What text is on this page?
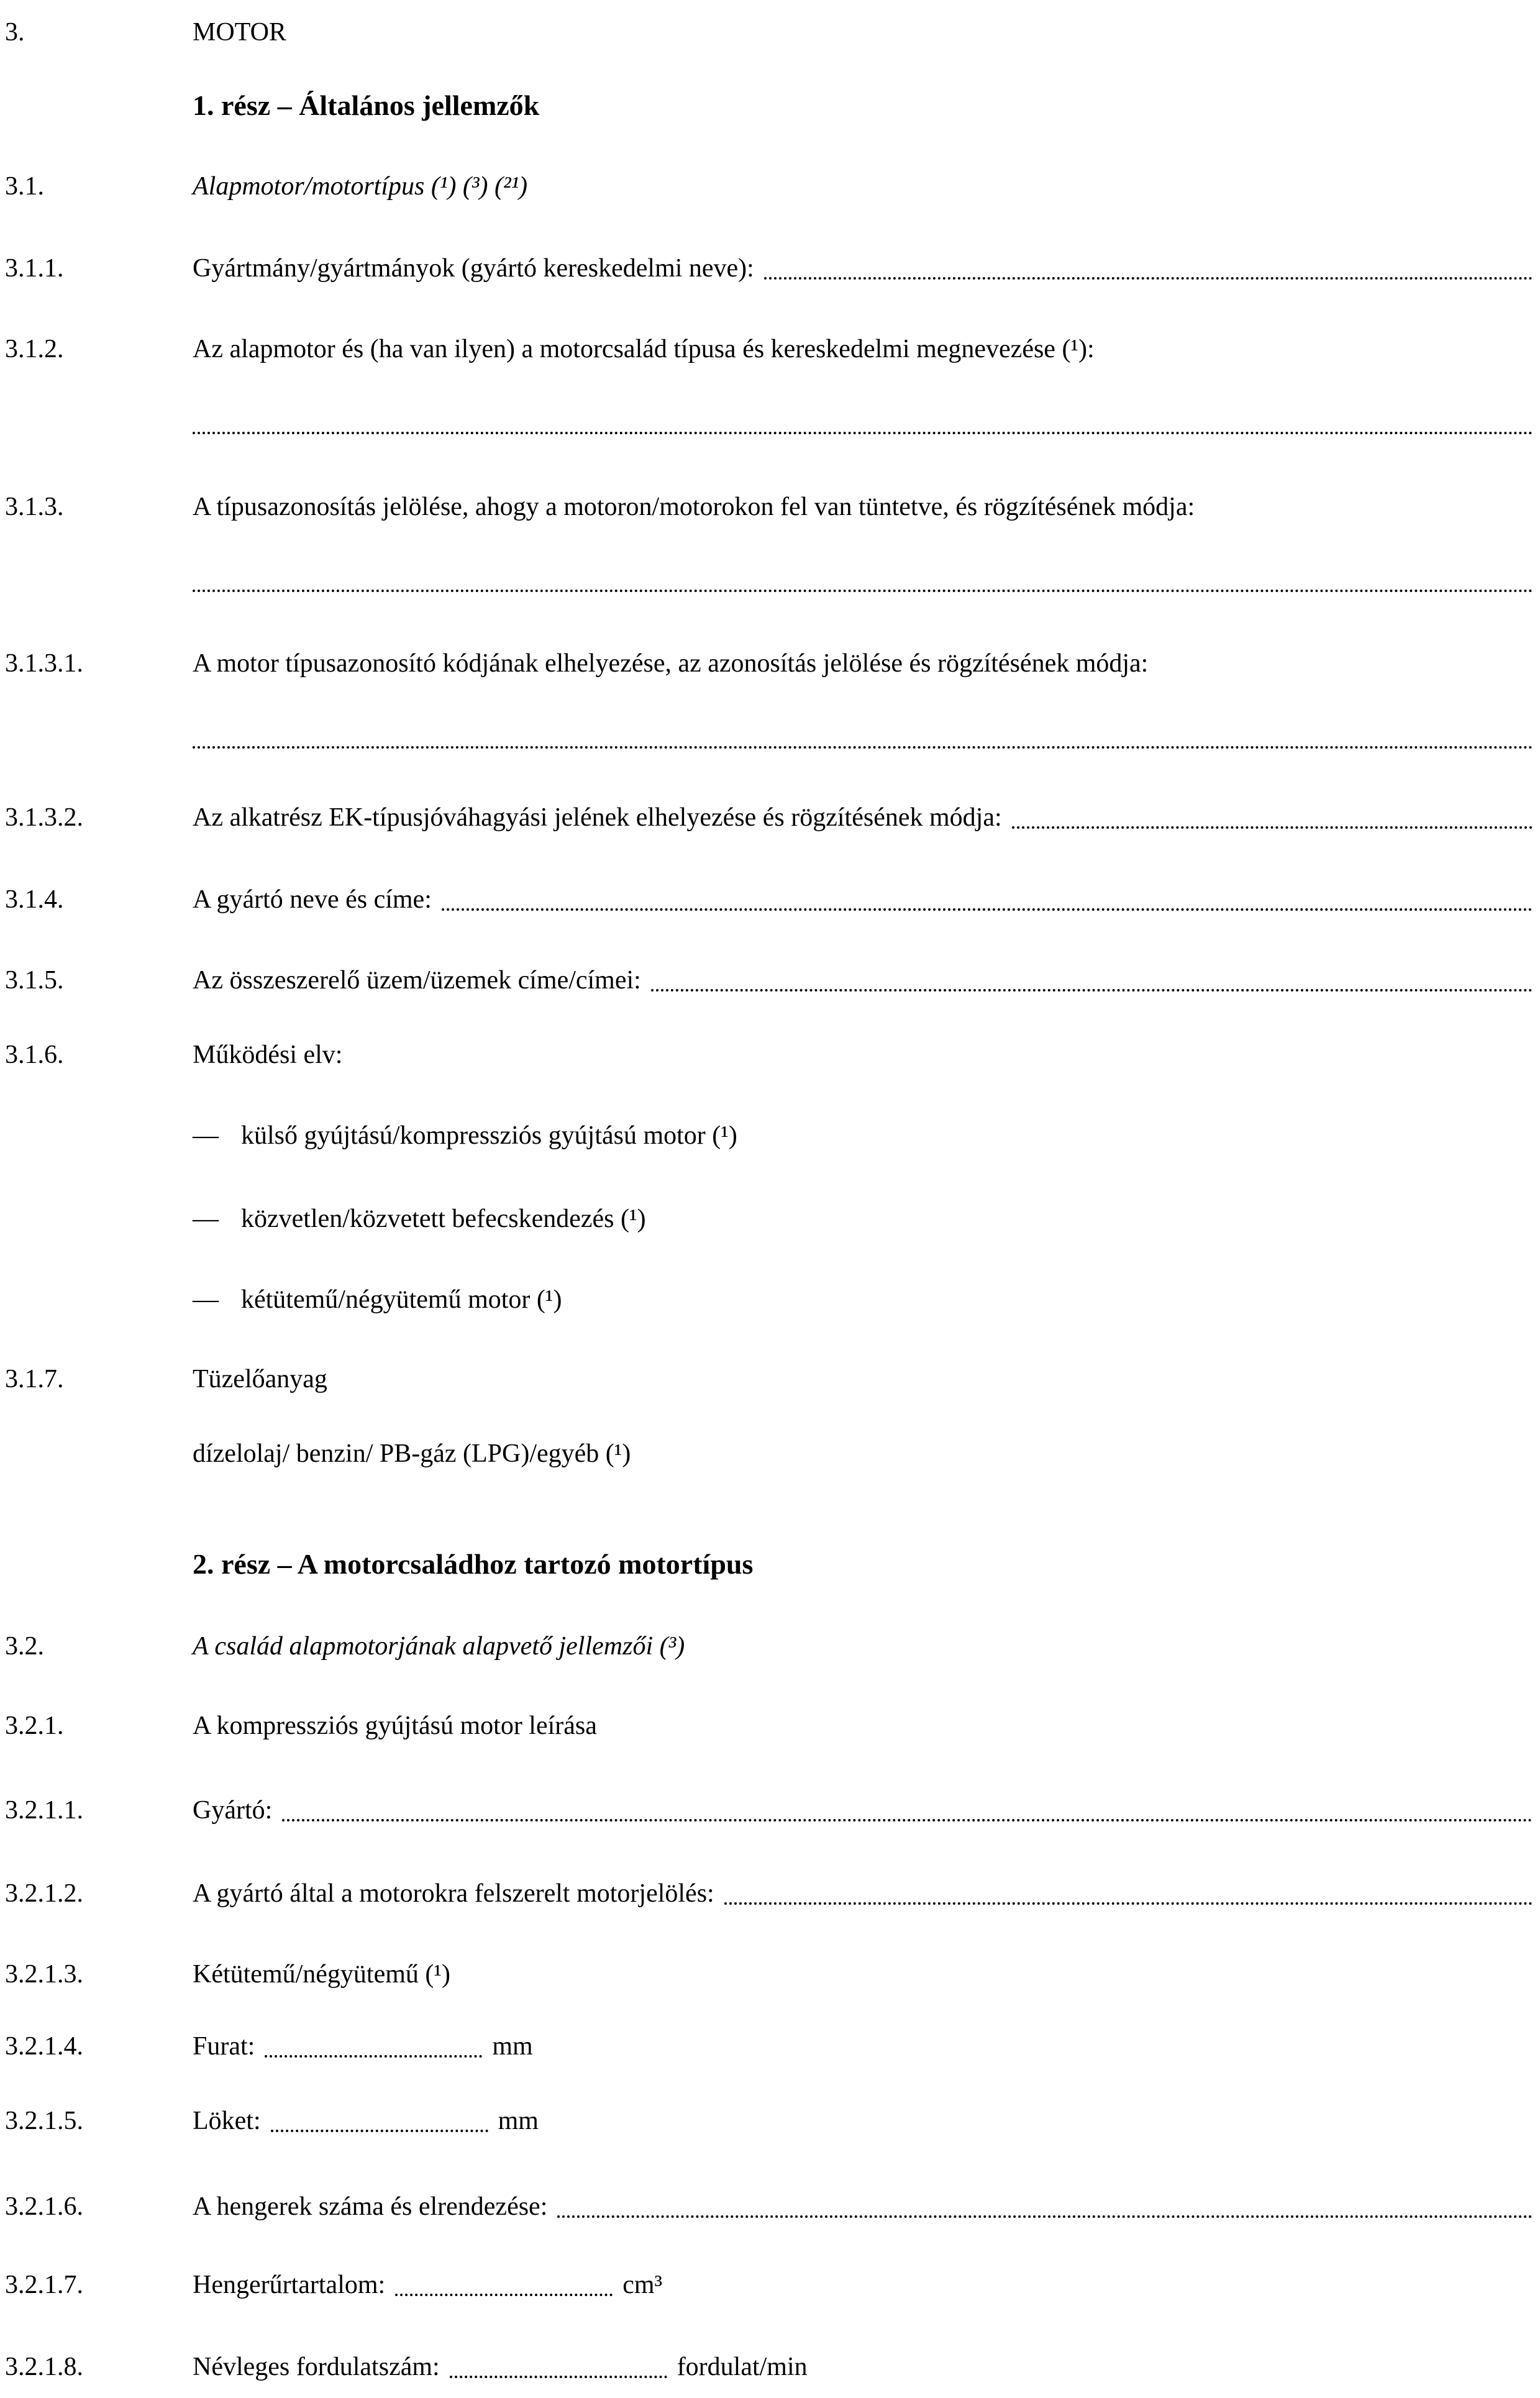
3.	MOTOR
1. rész – Általános jellemzők
3.1.	Alapmotor/motortípus (¹) (³) (²¹)
3.1.1.	Gyártmány/gyártmányok (gyártó kereskedelmi neve):
3.1.2.	Az alapmotor és (ha van ilyen) a motorcsalád típusa és kereskedelmi megnevezése (¹):
3.1.3.	A típusazonosítás jelölése, ahogy a motoron/motorokon fel van tüntetve, és rögzítésének módja:
3.1.3.1.	A motor típusazonosító kódjának elhelyezése, az azonosítás jelölése és rögzítésének módja:
3.1.3.2.	Az alkatrész EK-típusjóváhagyási jelének elhelyezése és rögzítésének módja:
3.1.4.	A gyártó neve és címe:
3.1.5.	Az összeszerelő üzem/üzemek címe/címei:
3.1.6.	Működési elv:
— külső gyújtású/kompressziós gyújtású motor (¹)
— közvetlen/közvetett befecskendezés (¹)
— kétütemű/négyütemű motor (¹)
3.1.7.	Tüzelőanyag
dízelolaj/ benzin/ PB-gáz (LPG)/egyéb (¹)
2. rész – A motorcsaládhoz tartozó motortípus
3.2.	A család alapmotorjának alapvető jellemzői (³)
3.2.1.	A kompressziós gyújtású motor leírása
3.2.1.1.	Gyártó:
3.2.1.2.	A gyártó által a motorokra felszerelt motorjelölés:
3.2.1.3.	Kétütemű/négyütemű (¹)
3.2.1.4.	Furat:	mm
3.2.1.5.	Löket:	mm
3.2.1.6.	A hengerek száma és elrendezése:
3.2.1.7.	Hengerűrtartalom:	cm³
3.2.1.8.	Névleges fordulatszám:	fordulat/min
